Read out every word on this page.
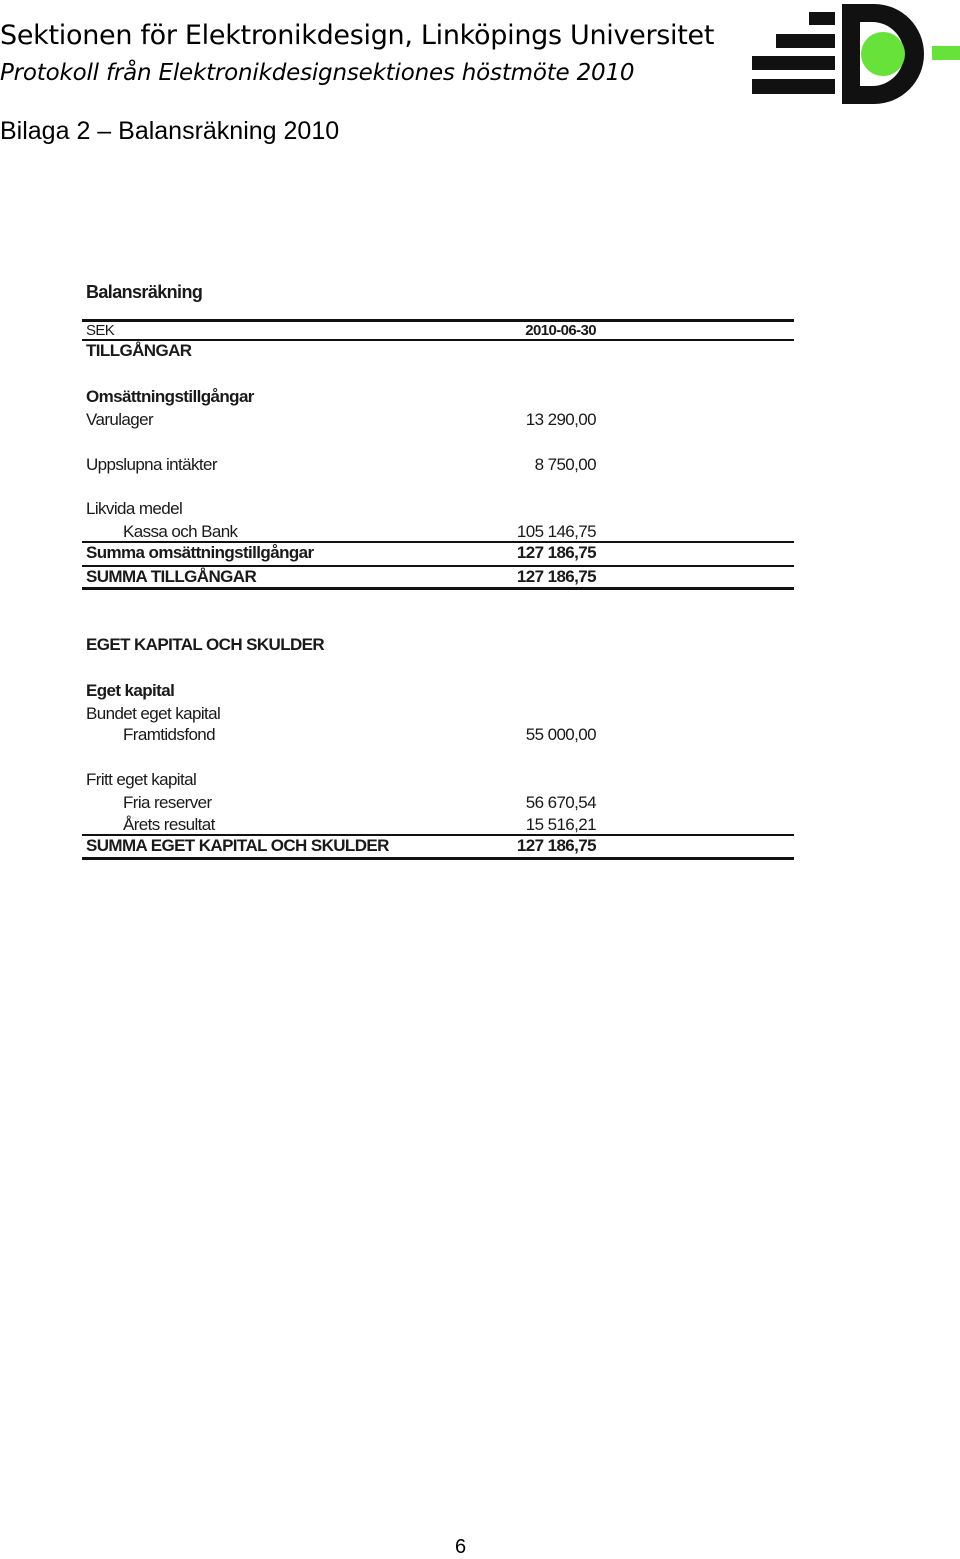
Sektionen för Elektronikdesign, Linköpings Universitet
Protokoll från Elektronikdesignsektiones höstmöte 2010
Bilaga 2 – Balansräkning 2010
Balansräkning
SEK	2010-06-30
TILLGÅNGAR
Omsättningstillgångar
Varulager	13 290,00
Uppslupna intäkter	8 750,00
Likvida medel
Kassa och Bank	105 146,75
Summa omsättningstillgångar	127 186,75
SUMMA TILLGÅNGAR	127 186,75
EGET KAPITAL OCH SKULDER
Eget kapital
Bundet eget kapital
Framtidsfond	55 000,00
Fritt eget kapital
Fria reserver	56 670,54
Årets resultat	15 516,21
SUMMA EGET KAPITAL OCH SKULDER	127 186,75
6
